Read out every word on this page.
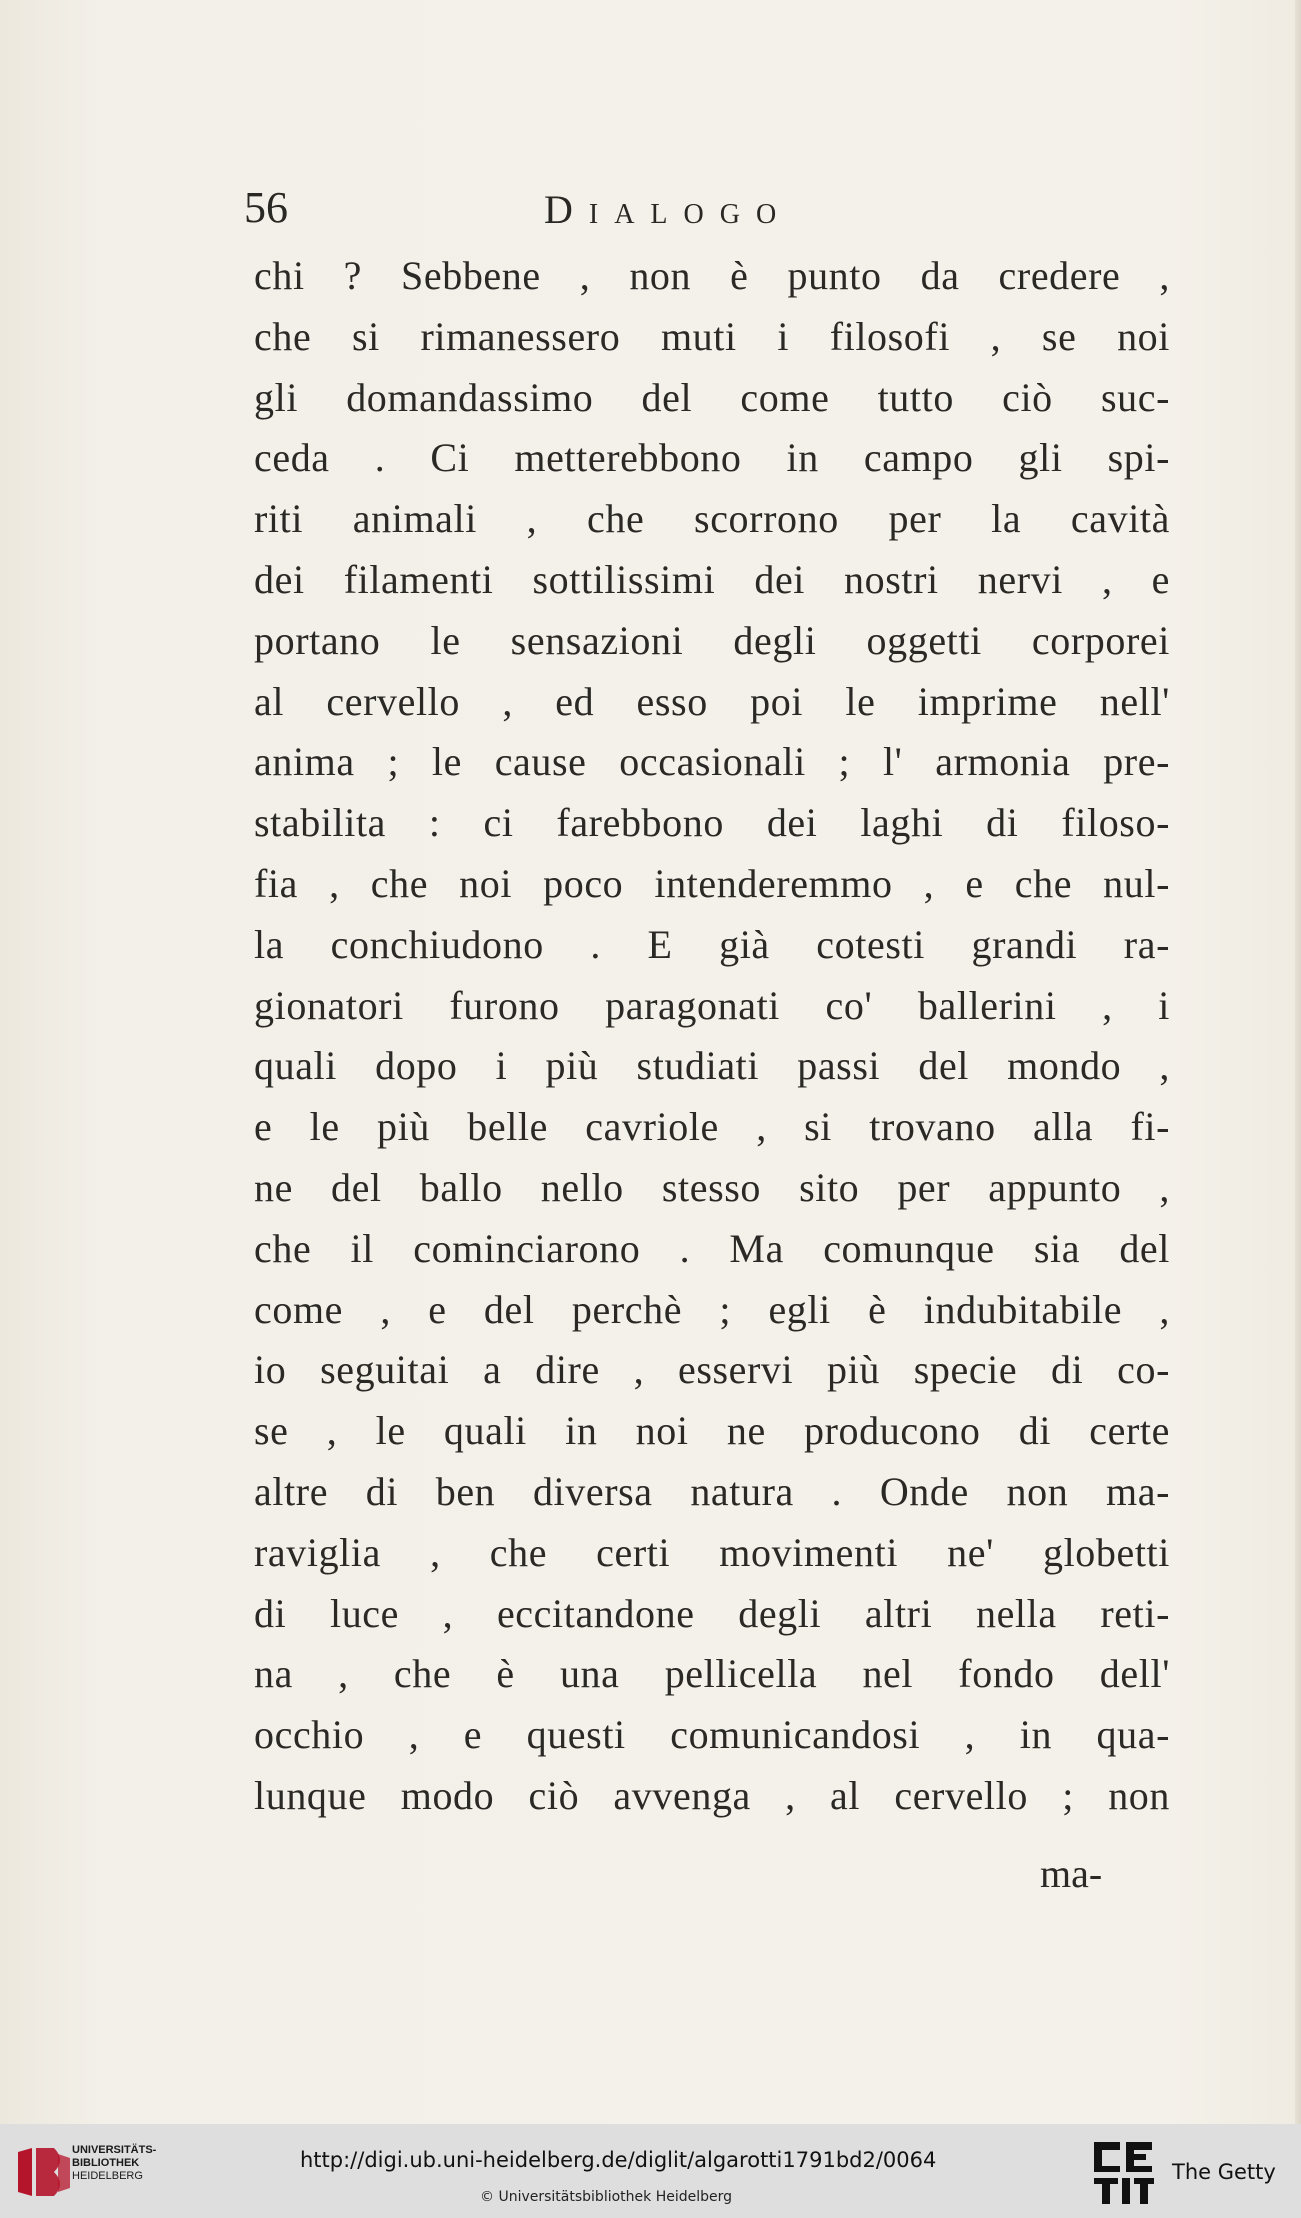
56	Dialogo
chi ? Sebbene , non è punto da credere ,
che si rimanessero muti i filosofi , se noi
gli domandassimo del come tutto ciò suc-
ceda . Ci metterebbono in campo gli spi-
riti animali , che scorrono per la cavità
dei filamenti sottilissimi dei nostri nervi , e
portano le sensazioni degli oggetti corporei
al cervello , ed esso poi le imprime nell'
anima ; le cause occasionali ; l' armonia pre-
stabilita : ci farebbono dei laghi di filoso-
fia , che noi poco intenderemmo , e che nul-
la conchiudono . E già cotesti grandi ra-
gionatori furono paragonati co' ballerini , i
quali dopo i più studiati passi del mondo ,
e le più belle cavriole , si trovano alla fi-
ne del ballo nello stesso sito per appunto ,
che il cominciarono . Ma comunque sia del
come , e del perchè ; egli è indubitabile ,
io seguitai a dire , esservi più specie di co-
se , le quali in noi ne producono di certe
altre di ben diversa natura . Onde non ma-
raviglia , che certi movimenti ne' globetti
di luce , eccitandone degli altri nella reti-
na , che è una pellicella nel fondo dell'
occhio , e questi comunicandosi , in qua-
lunque modo ciò avvenga , al cervello ; non
ma-
UNIVERSITÄTS-
BIBLIOTHEK
HEIDELBERG
http://digi.ub.uni-heidelberg.de/diglit/algarotti1791bd2/0064
© Universitätsbibliothek Heidelberg
The Getty
